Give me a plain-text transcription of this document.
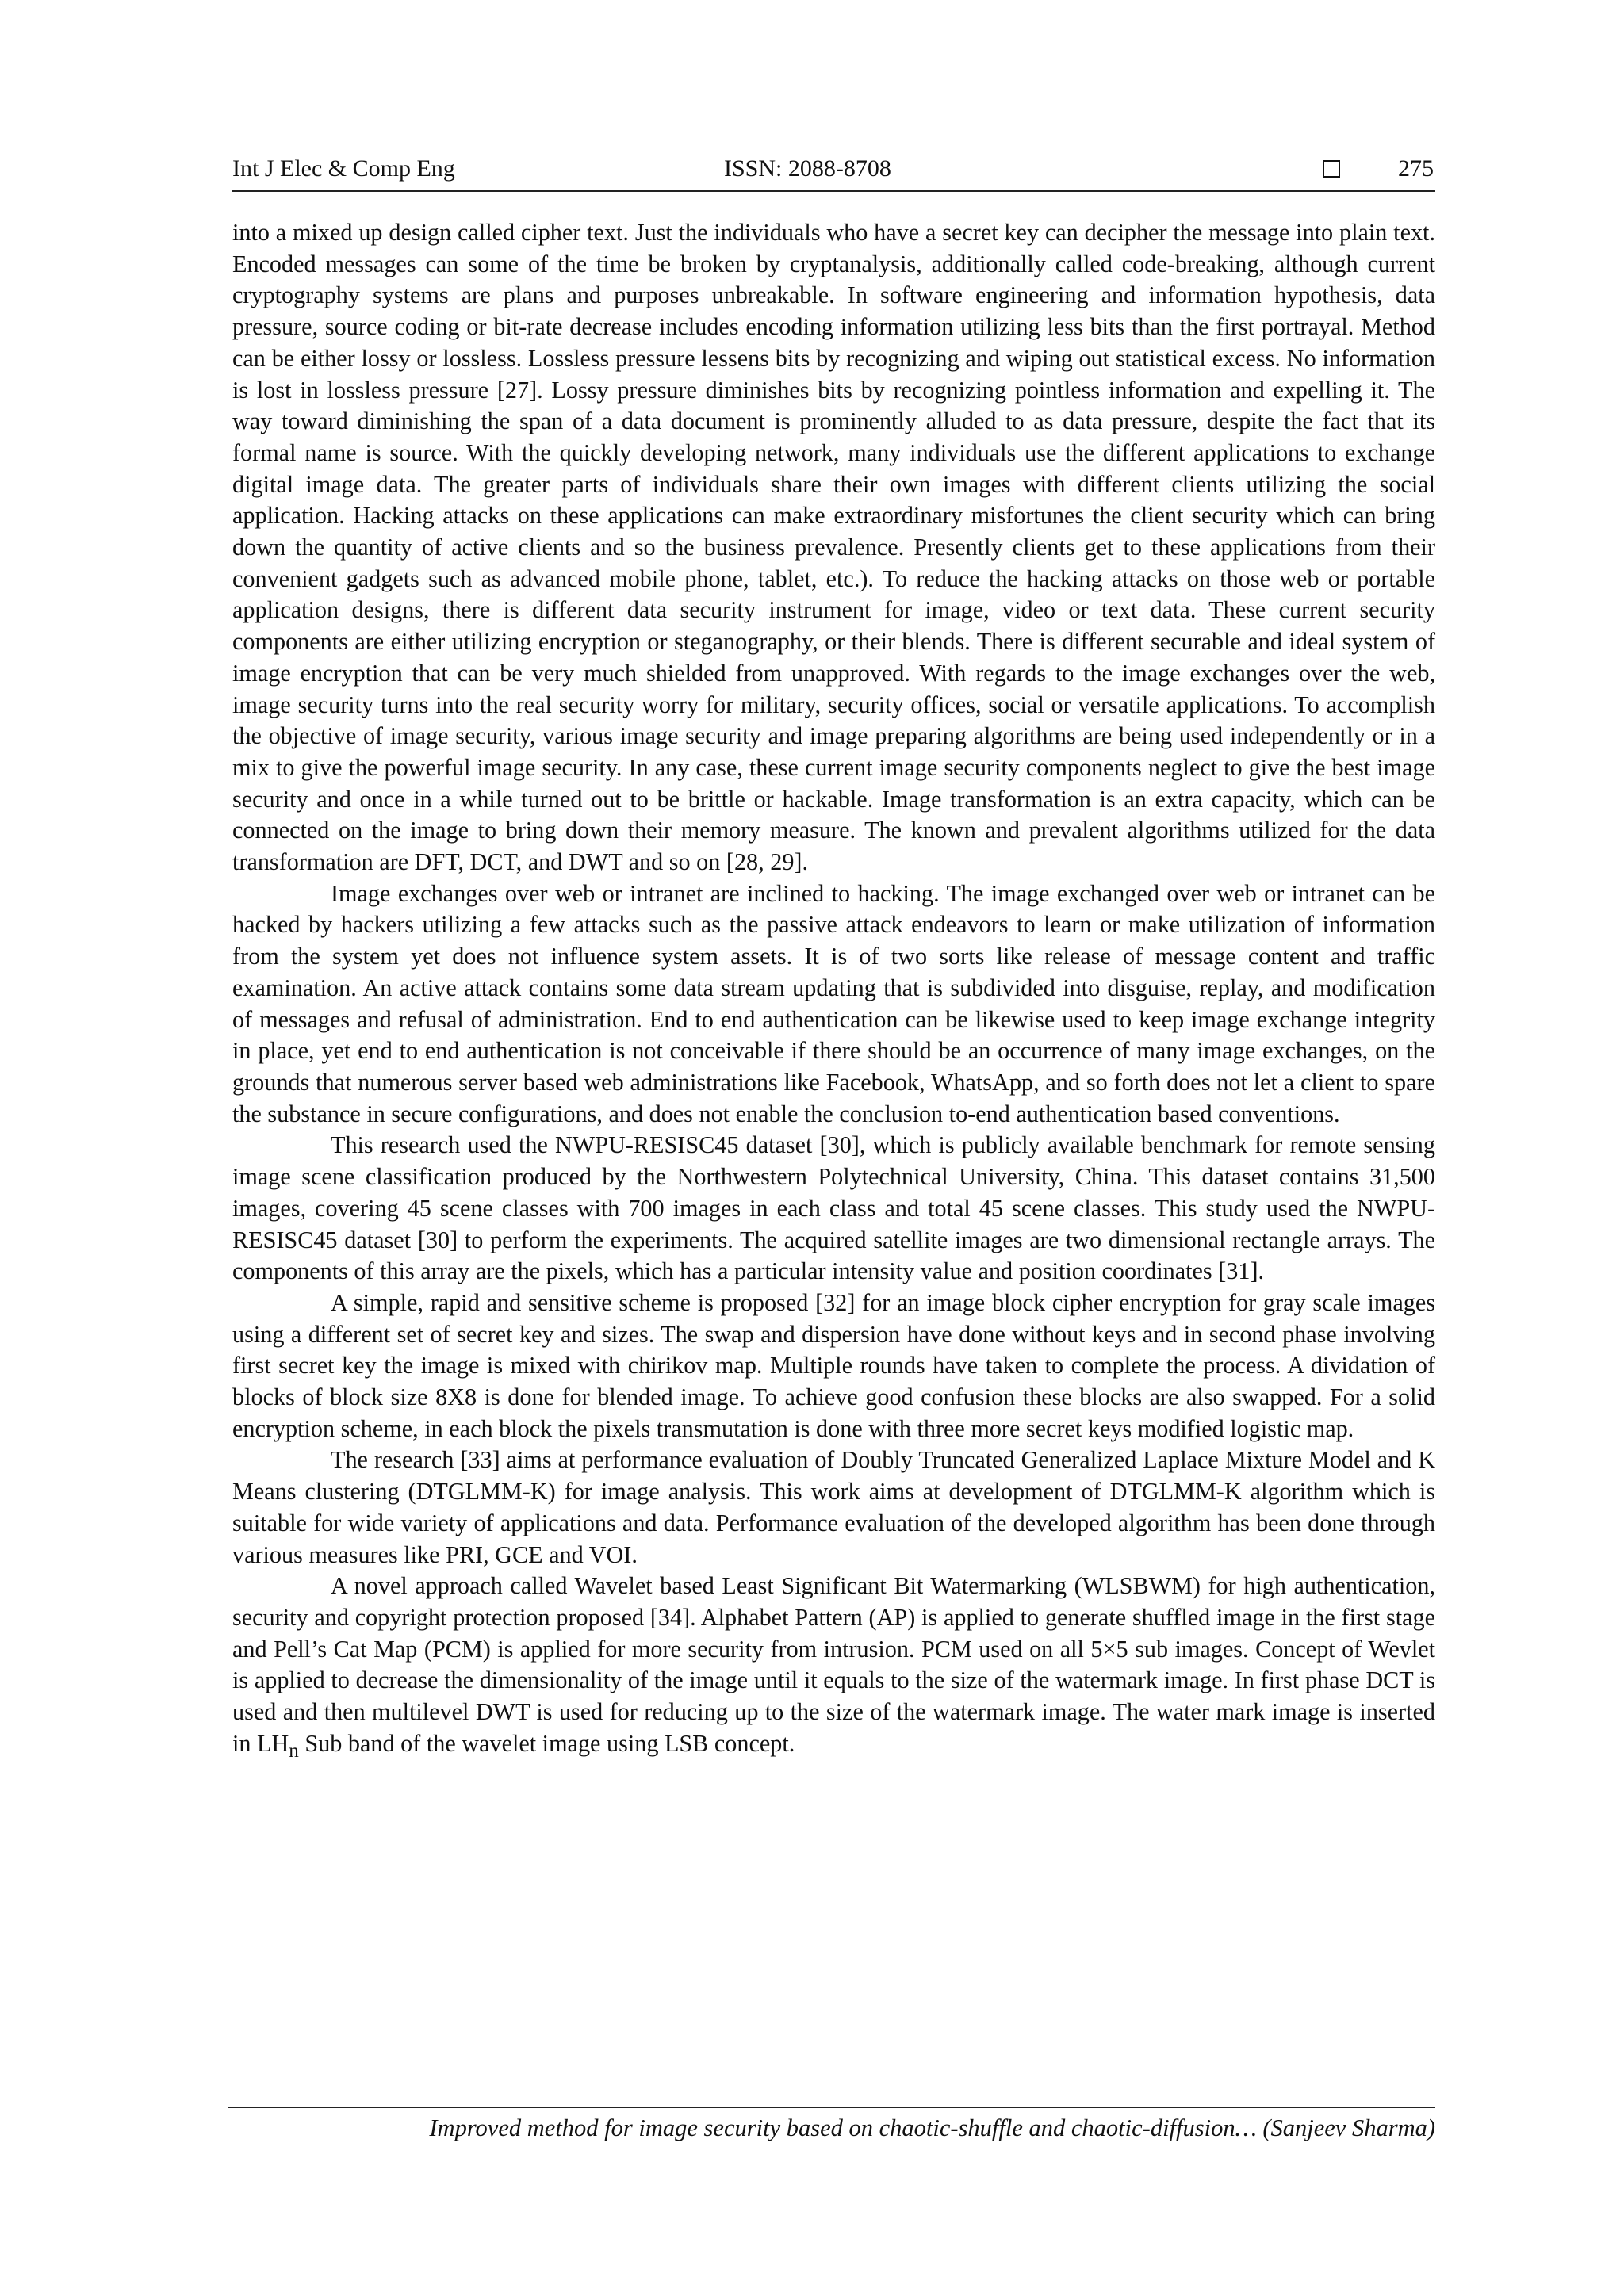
Int J Elec & Comp Eng	ISSN: 2088-8708	275

into a mixed up design called cipher text. Just the individuals who have a secret key can decipher the message into plain text. Encoded messages can some of the time be broken by cryptanalysis, additionally called code-breaking, although current cryptography systems are plans and purposes unbreakable. In software engineering and information hypothesis, data pressure, source coding or bit-rate decrease includes encoding information utilizing less bits than the first portrayal. Method can be either lossy or lossless. Lossless pressure lessens bits by recognizing and wiping out statistical excess. No information is lost in lossless pressure [27]. Lossy pressure diminishes bits by recognizing pointless information and expelling it. The way toward diminishing the span of a data document is prominently alluded to as data pressure, despite the fact that its formal name is source. With the quickly developing network, many individuals use the different applications to exchange digital image data. The greater parts of individuals share their own images with different clients utilizing the social application. Hacking attacks on these applications can make extraordinary misfortunes the client security which can bring down the quantity of active clients and so the business prevalence. Presently clients get to these applications from their convenient gadgets such as advanced mobile phone, tablet, etc.). To reduce the hacking attacks on those web or portable application designs, there is different data security instrument for image, video or text data. These current security components are either utilizing encryption or steganography, or their blends. There is different securable and ideal system of image encryption that can be very much shielded from unapproved. With regards to the image exchanges over the web, image security turns into the real security worry for military, security offices, social or versatile applications. To accomplish the objective of image security, various image security and image preparing algorithms are being used independently or in a mix to give the powerful image security. In any case, these current image security components neglect to give the best image security and once in a while turned out to be brittle or hackable. Image transformation is an extra capacity, which can be connected on the image to bring down their memory measure. The known and prevalent algorithms utilized for the data transformation are DFT, DCT, and DWT and so on [28, 29].

Image exchanges over web or intranet are inclined to hacking. The image exchanged over web or intranet can be hacked by hackers utilizing a few attacks such as the passive attack endeavors to learn or make utilization of information from the system yet does not influence system assets. It is of two sorts like release of message content and traffic examination. An active attack contains some data stream updating that is subdivided into disguise, replay, and modification of messages and refusal of administration. End to end authentication can be likewise used to keep image exchange integrity in place, yet end to end authentication is not conceivable if there should be an occurrence of many image exchanges, on the grounds that numerous server based web administrations like Facebook, WhatsApp, and so forth does not let a client to spare the substance in secure configurations, and does not enable the conclusion to-end authentication based conventions.

This research used the NWPU-RESISC45 dataset [30], which is publicly available benchmark for remote sensing image scene classification produced by the Northwestern Polytechnical University, China. This dataset contains 31,500 images, covering 45 scene classes with 700 images in each class and total 45 scene classes. This study used the NWPU-RESISC45 dataset [30] to perform the experiments. The acquired satellite images are two dimensional rectangle arrays. The components of this array are the pixels, which has a particular intensity value and position coordinates [31].

A simple, rapid and sensitive scheme is proposed [32] for an image block cipher encryption for gray scale images using a different set of secret key and sizes. The swap and dispersion have done without keys and in second phase involving first secret key the image is mixed with chirikov map. Multiple rounds have taken to complete the process. A dividation of blocks of block size 8X8 is done for blended image. To achieve good confusion these blocks are also swapped. For a solid encryption scheme, in each block the pixels transmutation is done with three more secret keys modified logistic map.

The research [33] aims at performance evaluation of Doubly Truncated Generalized Laplace Mixture Model and K Means clustering (DTGLMM-K) for image analysis. This work aims at development of DTGLMM-K algorithm which is suitable for wide variety of applications and data. Performance evaluation of the developed algorithm has been done through various measures like PRI, GCE and VOI.

A novel approach called Wavelet based Least Significant Bit Watermarking (WLSBWM) for high authentication, security and copyright protection proposed [34]. Alphabet Pattern (AP) is applied to generate shuffled image in the first stage and Pell’s Cat Map (PCM) is applied for more security from intrusion. PCM used on all 5×5 sub images. Concept of Wevlet is applied to decrease the dimensionality of the image until it equals to the size of the watermark image. In first phase DCT is used and then multilevel DWT is used for reducing up to the size of the watermark image. The water mark image is inserted in $LH_n$ Sub band of the wavelet image using LSB concept.

Improved method for image security based on chaotic-shuffle and chaotic-diffusion… (Sanjeev Sharma)
